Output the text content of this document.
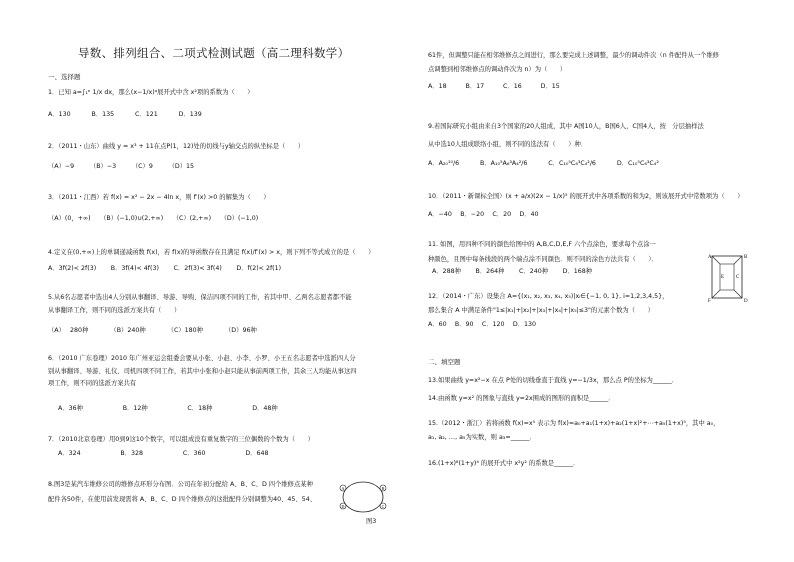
导数、排列组合、二项式检测试题（高二理科数学）
一、选择题
1．已知 a=∫₁ᵉ 1/x dx，那么(x−1/x)ᵃ展开式中含 x²项的系数为（　　）
A．130　　　 B．135　　　 C．121　　　 D．139
2．（2011・山东）曲线 y = x³ + 11在点P(1，12)处的切线与y轴交点的纵坐标是（　　）
（A）−9　　　（B）−3　　　（C）9　　　（D）15
3．（2011・江西）若 f(x) = x² − 2x − 4ln x，则 f′(x) >0 的解集为（　　）
（A）(0，+∞)　　（B）(−1,0)∪(2,+∞)　　（C）(2,+∞)　　（D）(−1,0)
4.定义在(0,+∞)上的单调递减函数 f(x)，若 f(x)的导函数存在且满足 f(x)/f′(x) > x，则下列不等式成立的是（　　）
A．3f(2)< 2f(3)　　 B．3f(4)< 4f(3)　　 C．2f(3)< 3f(4)　　 D．f(2)< 2f(1)
5.从6名志愿者中选出4人分别从事翻译、导游、导购、保洁四项不同的工作，若其中甲、乙两名志愿者都不能
从事翻译工作，则不同的选派方案共有（　　）
（A）　 280种　　　　（B）240种　　　　（C）180种　　　　（D）96种
6．（2010 广东卷理）2010 年广州亚运会组委会要从小张、小赵、小李、小罗、小王五名志愿者中选派四人分
别从事翻译、导游、礼仪、司机四项不同工作，若其中小张和小赵只能从事前两项工作，其余三人均能从事这四
项工作，则不同的选派方案共有
A．36种　　　　　　 B．12种　　　　　　 C．18种　　　　　　 D．48种
7．（2010北京卷理）用0到9这10个数字，可以组成没有重复数字的三位偶数的个数为（　　）
A．324　　　　　　 B．328　　　　　　 C．360　　　　　　 D．648
8.图3是某汽车维修公司的维修点环形分布图．公司在年初分配给 A、B、C、D 四个维修点某种
配件各50件，在使用前发现需将 A、B、C、D 四个维修点的这批配件分别调整为40、45、54、
A	B
C
D
图3
61件，但调整只能在相邻维修点之间进行，那么要完成上述调整，最少的调动件次（n 件配件从一个维修
点调整到相邻维修点的调动件次为 n）为（　　）
A．18　　　B．17　　　C．16　　　D．15
9.若国际研究小组由来自3个国家的20人组成，其中 A国10人，B国6人，C国4人，按　分层抽样法
从中选10人组成联络小组，则不同的选法有（　　）种．
A．A₂₀¹⁰/6　　　 B．A₁₀⁵A₆³A₄²/6　　　 C．C₁₀⁵C₆³C₄²/6　　　 D．C₁₀⁵C₆³C₄²
10．（2011・新课标全国）(x + a/x)(2x − 1/x)⁵ 的展开式中各项系数的和为2，则该展开式中常数项为（　　）
A．−40　 B．−20　 C．20　 D．40
11. 如图，用四种不同的颜色给图中的 A,B,C,D,E,F 六个点涂色，要求每个点涂一
种颜色，且图中每条线段的两个端点涂不同颜色．则不同的涂色方法共有（　　）．
A．288种　　 B．264种　　 C．240种　　 D．168种
A	B
C
D
E
F
12．（2014・广东）设集合 A={(x₁, x₂, x₃, x₄, x₅)|xᵢ∈{−1, 0, 1}, i=1,2,3,4,5}，
那么集合 A 中满足条件"1≤|x₁|+|x₂|+|x₃|+|x₄|+|x₅|≤3"的元素个数为（　　）
A．60　 B．90　 C．120　 D．130
二、填空题
13.如果曲线 y=x²−x 在点 P处的切线垂直于直线 y=−1/3x，那么点 P的坐标为______．
14.由函数 y=x² 的图象与直线 y=2x围成的图形的面积是______．
15.（2012・浙江）若将函数 f(x)=x⁵ 表示为 f(x)=a₀+a₁(1+x)+a₂(1+x)²+⋯+a₅(1+x)⁵，其中 a₀，
a₁, a₂, …, a₅为实数，则 a₃=______．
16.(1+x)⁸(1+y)⁴ 的展开式中 x²y² 的系数是______．
